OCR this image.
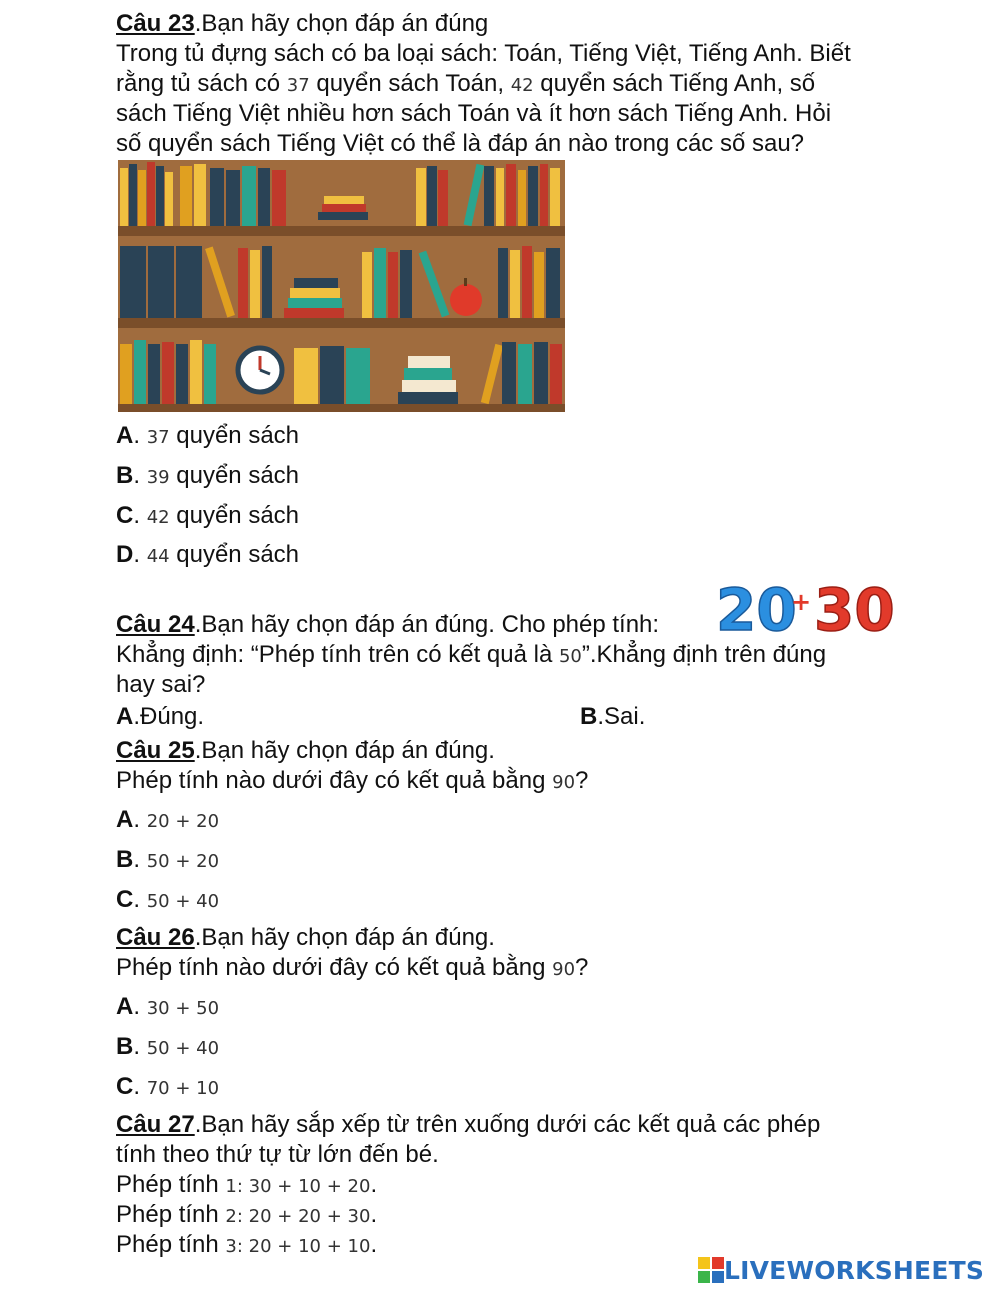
Câu 23.Bạn hãy chọn đáp án đúng
Trong tủ đựng sách có ba loại sách: Toán, Tiếng Việt, Tiếng Anh. Biết
rằng tủ sách có 37 quyển sách Toán, 42 quyển sách Tiếng Anh, số
sách Tiếng Việt nhiều hơn sách Toán và ít hơn sách Tiếng Anh. Hỏi
số quyển sách Tiếng Việt có thể là đáp án nào trong các số sau?
A. 37 quyển sách
B. 39 quyển sách
C. 42 quyển sách
D. 44 quyển sách
Câu 24.Bạn hãy chọn đáp án đúng. Cho phép tính: 20
+ 30
Khẳng định: “Phép tính trên có kết quả là 50”.Khẳng định trên đúng
hay sai?
A.Đúng.	B.Sai.
Câu 25.Bạn hãy chọn đáp án đúng.
Phép tính nào dưới đây có kết quả bằng 90?
A. 20 + 20
B. 50 + 20
C. 50 + 40
Câu 26.Bạn hãy chọn đáp án đúng.
Phép tính nào dưới đây có kết quả bằng 90?
A. 30 + 50
B. 50 + 40
C. 70 + 10
Câu 27.Bạn hãy sắp xếp từ trên xuống dưới các kết quả các phép
tính theo thứ tự từ lớn đến bé.
Phép tính 1: 30 + 10 + 20.
Phép tính 2: 20 + 20 + 30.
Phép tính 3: 20 + 10 + 10.
LIVEWORKSHEETS
